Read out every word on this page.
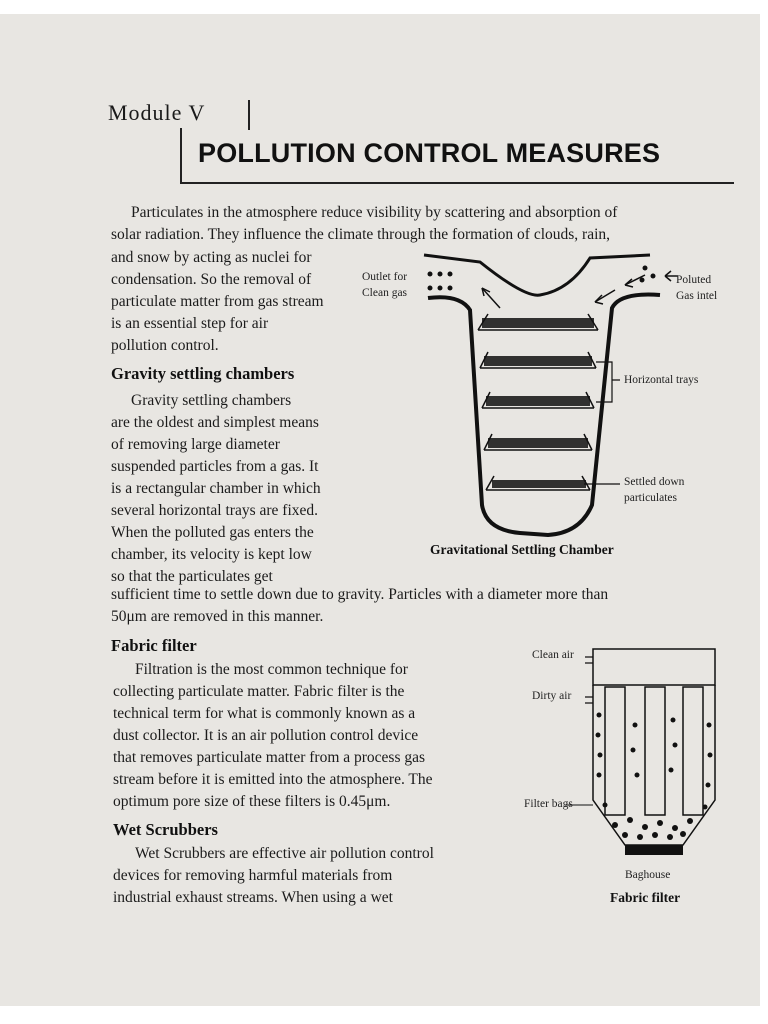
Module V
POLLUTION CONTROL MEASURES
Particulates in the atmosphere reduce visibility by scattering and absorption of
solar radiation. They influence the climate through the formation of clouds, rain,
and snow by acting as nuclei for
condensation. So the removal of
particulate matter from gas stream
is an essential step for air
pollution control.
Gravity settling chambers
Gravity settling chambers
are the oldest and simplest means
of removing large diameter
suspended particles from a gas. It
is a rectangular chamber in which
several horizontal trays are fixed.
When the polluted gas enters the
chamber, its velocity is kept low
so that the particulates get
sufficient time to settle down due to gravity. Particles with a diameter more than
50μm are removed in this manner.
Outlet for
Clean gas
Poluted
Gas intel
Horizontal trays
Settled down
particulates
Gravitational Settling Chamber
Fabric filter
Filtration is the most common technique for
collecting particulate matter. Fabric filter is the
technical term for what is commonly known as a
dust collector. It is an air pollution control device
that removes particulate matter from a process gas
stream before it is emitted into the atmosphere. The
optimum pore size of these filters is 0.45μm.
Clean air
Dirty air
Filter bags
Baghouse
Fabric filter
Wet Scrubbers
Wet Scrubbers are effective air pollution control
devices for removing harmful materials from
industrial exhaust streams. When using a wet
